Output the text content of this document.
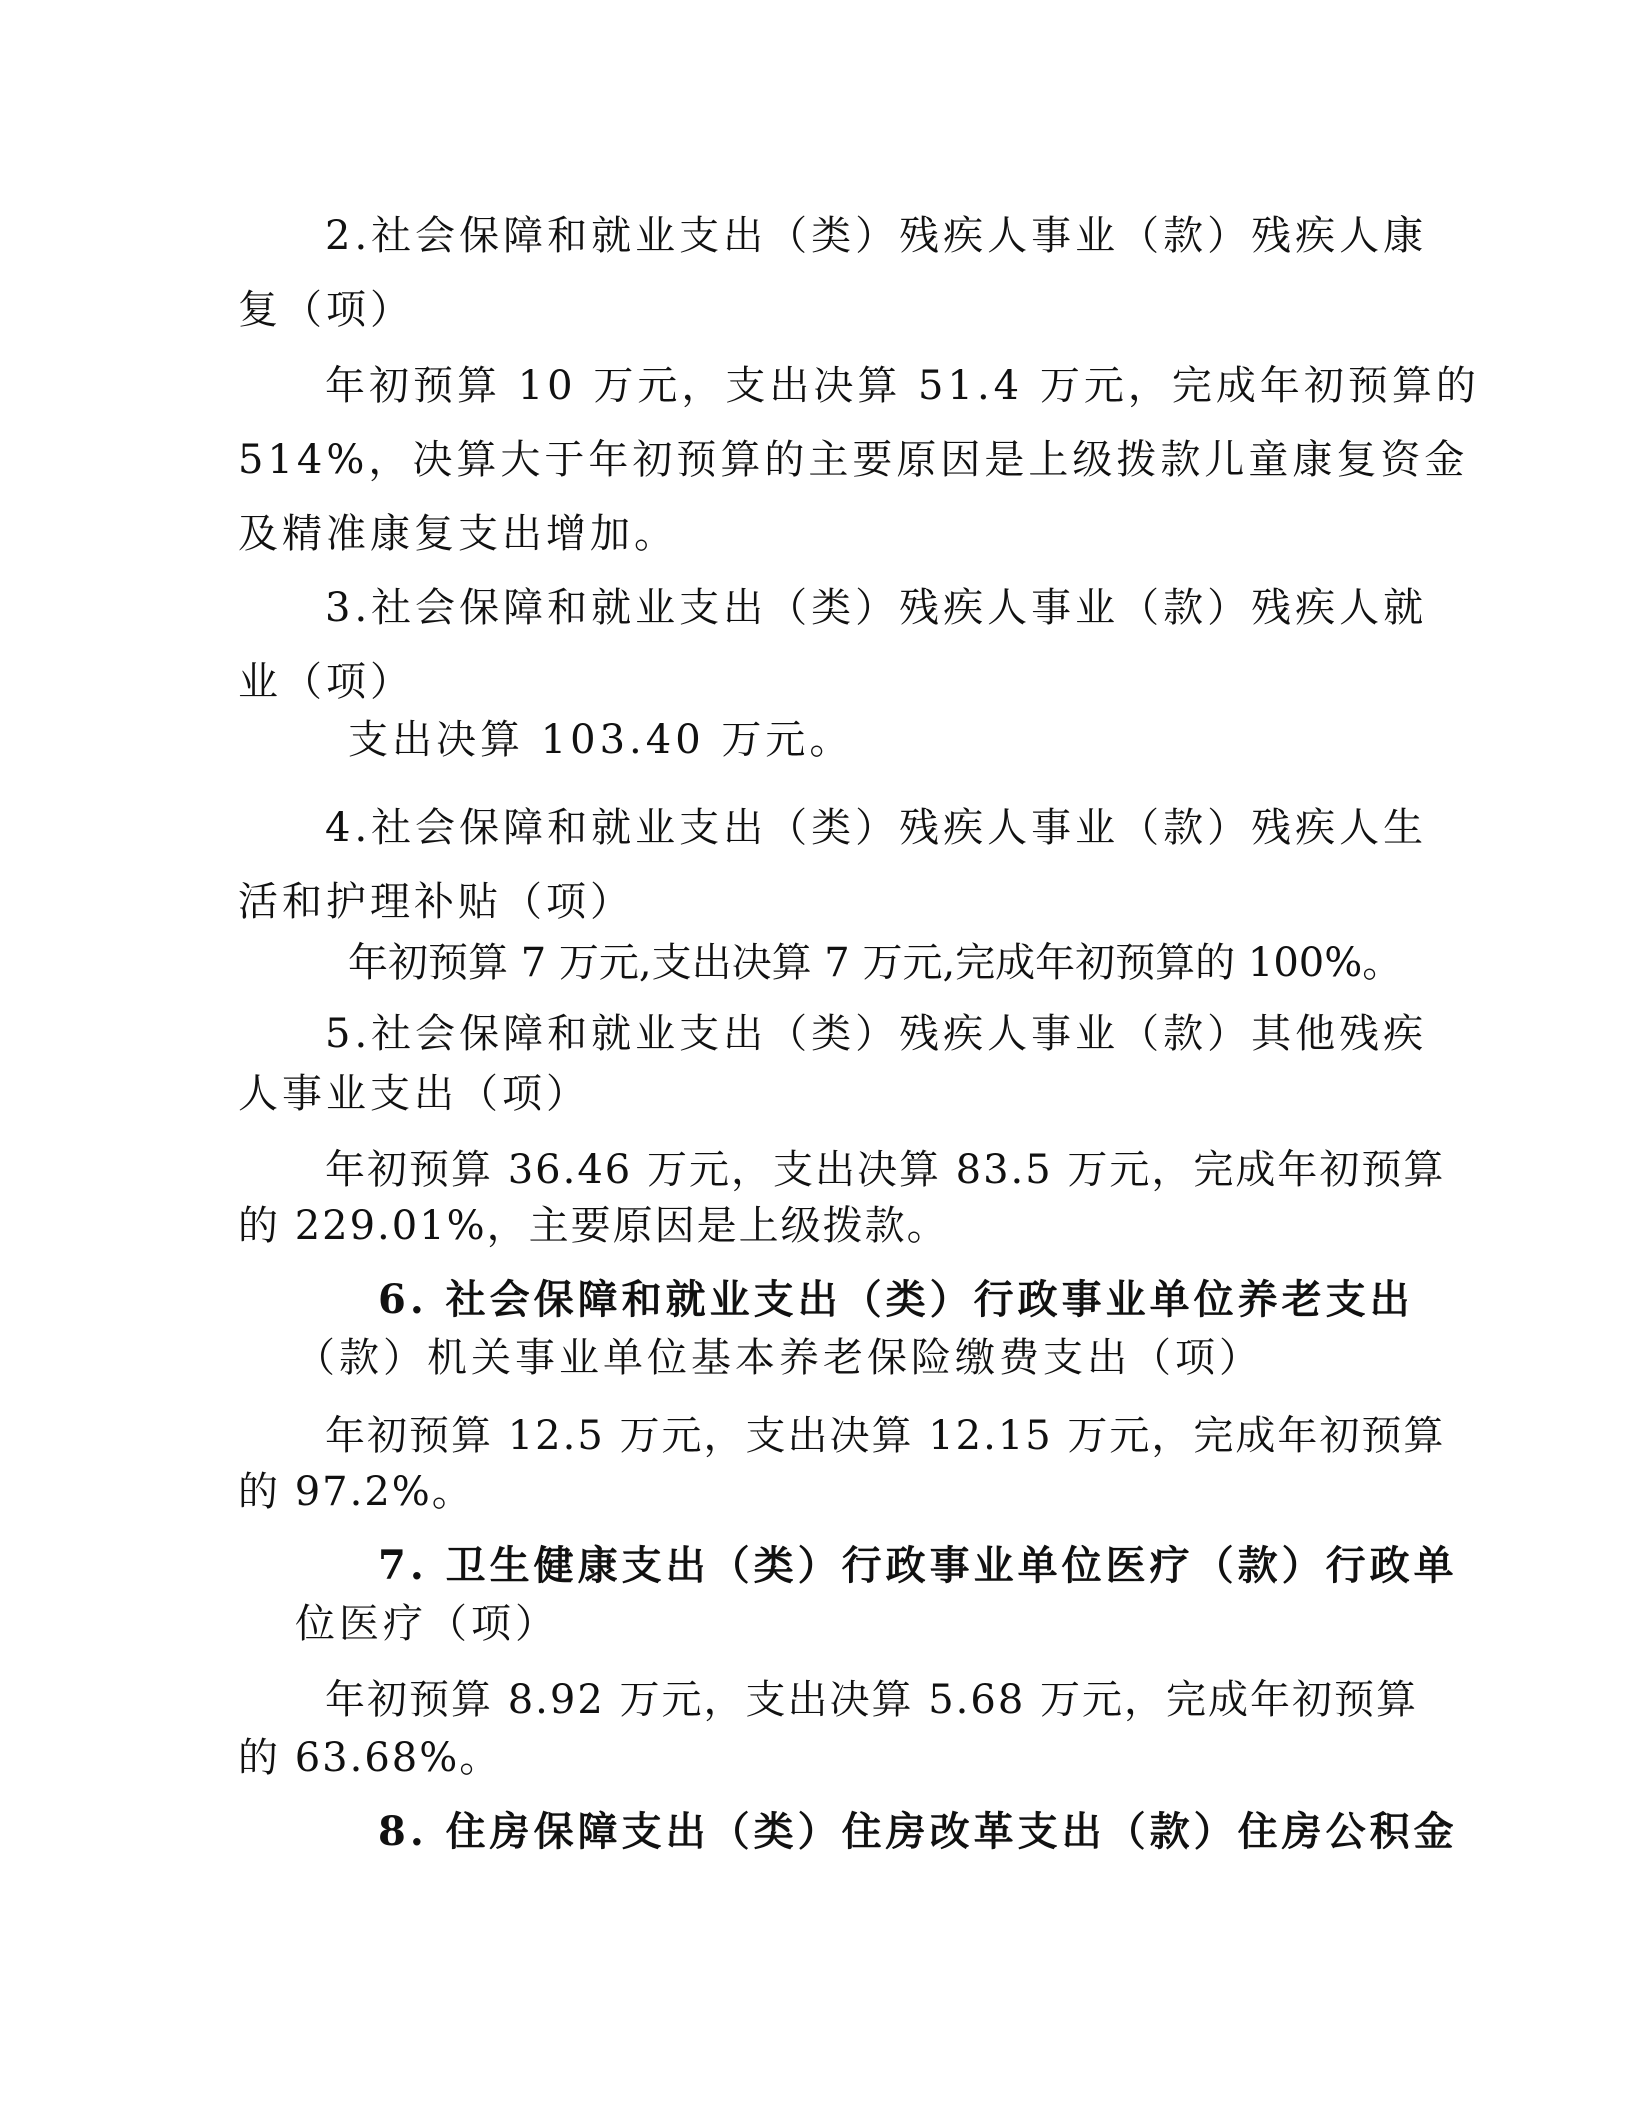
2.社会保障和就业支出（类）残疾人事业（款）残疾人康
复（项）
年初预算 10 万元，支出决算 51.4 万元，完成年初预算的
514%，决算大于年初预算的主要原因是上级拨款儿童康复资金
及精准康复支出增加。
3.社会保障和就业支出（类）残疾人事业（款）残疾人就
业（项）
支出决算 103.40 万元。
4.社会保障和就业支出（类）残疾人事业（款）残疾人生
活和护理补贴（项）
年初预算 7 万元,支出决算 7 万元,完成年初预算的 100%。
5.社会保障和就业支出（类）残疾人事业（款）其他残疾
人事业支出（项）
年初预算 36.46 万元，支出决算 83.5 万元，完成年初预算
的 229.01%，主要原因是上级拨款。
6. 社会保障和就业支出（类）行政事业单位养老支出
（款）机关事业单位基本养老保险缴费支出（项）
年初预算 12.5 万元，支出决算 12.15 万元，完成年初预算
的 97.2%。
7. 卫生健康支出（类）行政事业单位医疗（款）行政单
位医疗（项）
年初预算 8.92 万元，支出决算 5.68 万元，完成年初预算
的 63.68%。
8. 住房保障支出（类）住房改革支出（款）住房公积金
